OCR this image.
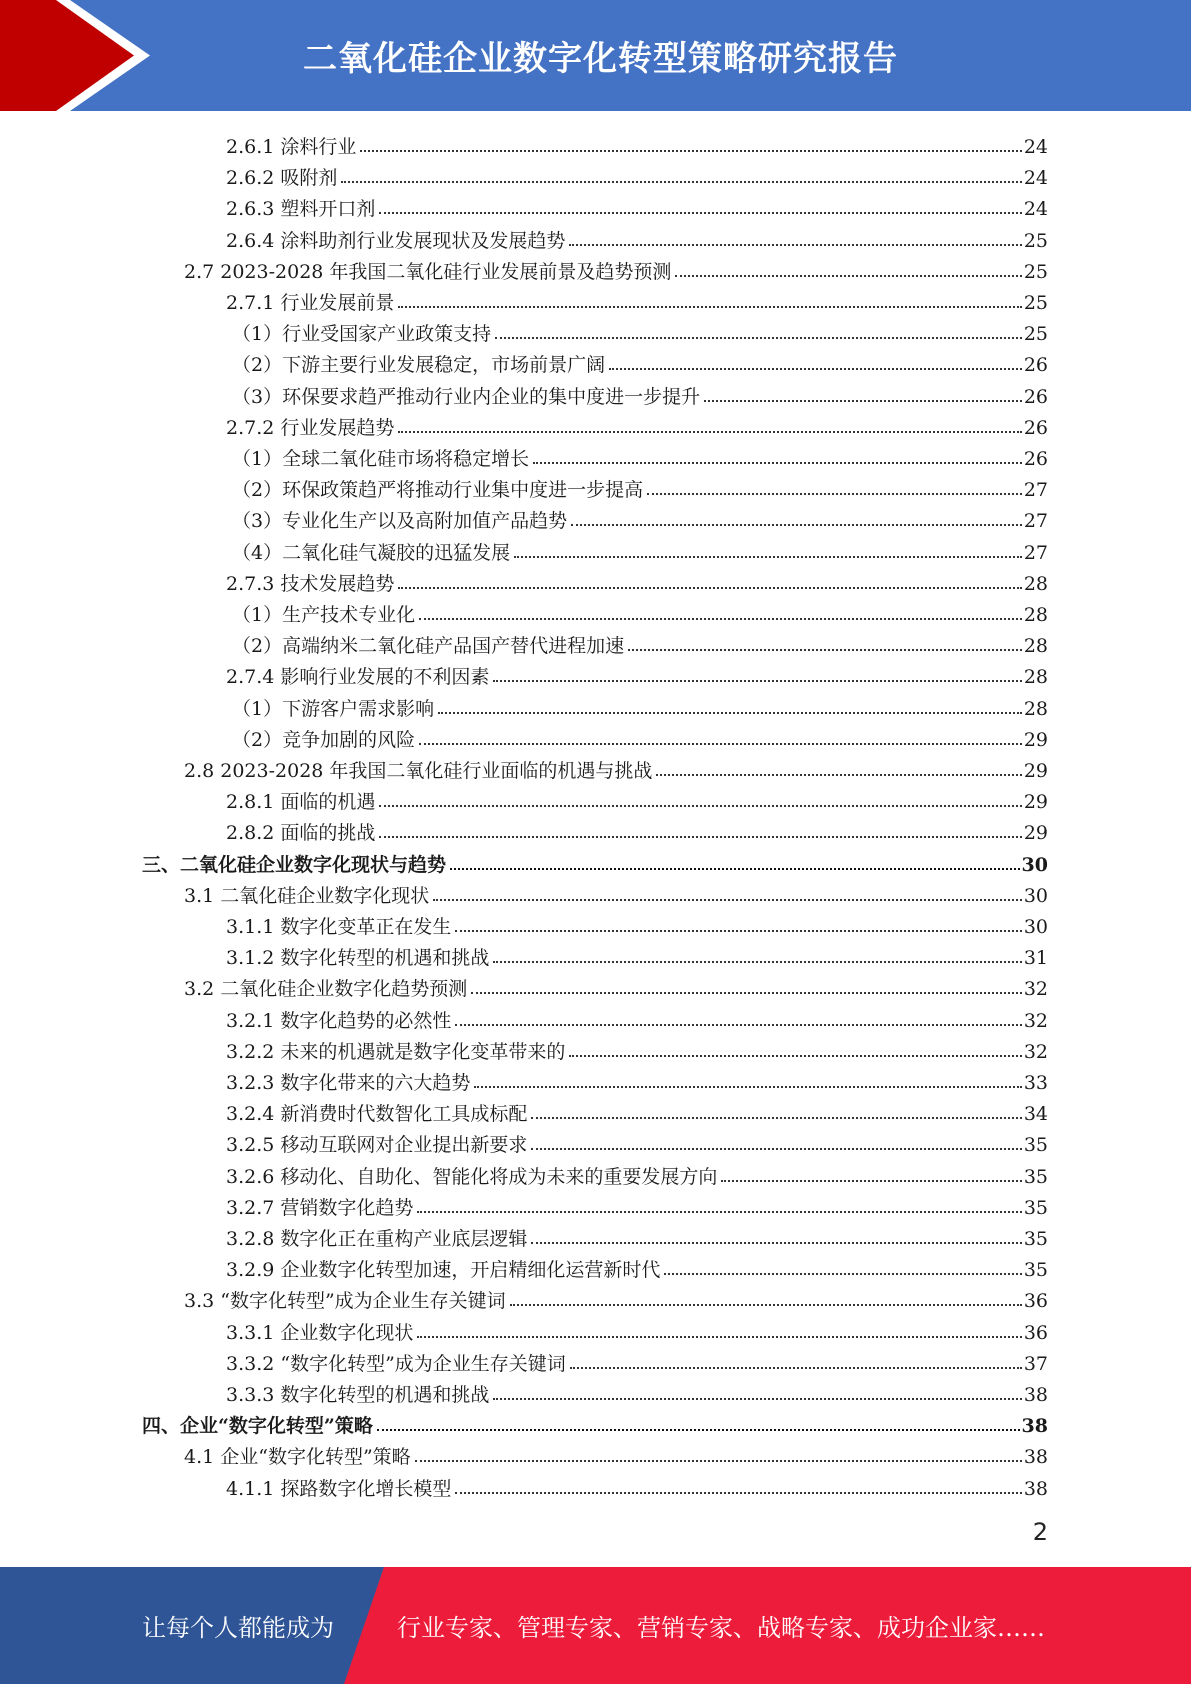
二氧化硅企业数字化转型策略研究报告
2.6.1 涂料行业	24
2.6.2 吸附剂	24
2.6.3 塑料开口剂	24
2.6.4 涂料助剂行业发展现状及发展趋势	25
2.7 2023-2028 年我国二氧化硅行业发展前景及趋势预测	25
2.7.1 行业发展前景	25
（1）行业受国家产业政策支持	25
（2）下游主要行业发展稳定，市场前景广阔	26
（3）环保要求趋严推动行业内企业的集中度进一步提升	26
2.7.2 行业发展趋势	26
（1）全球二氧化硅市场将稳定增长	26
（2）环保政策趋严将推动行业集中度进一步提高	27
（3）专业化生产以及高附加值产品趋势	27
（4）二氧化硅气凝胶的迅猛发展	27
2.7.3 技术发展趋势	28
（1）生产技术专业化	28
（2）高端纳米二氧化硅产品国产替代进程加速	28
2.7.4 影响行业发展的不利因素	28
（1）下游客户需求影响	28
（2）竞争加剧的风险	29
2.8 2023-2028 年我国二氧化硅行业面临的机遇与挑战	29
2.8.1 面临的机遇	29
2.8.2 面临的挑战	29
三、二氧化硅企业数字化现状与趋势	30
3.1 二氧化硅企业数字化现状	30
3.1.1 数字化变革正在发生	30
3.1.2 数字化转型的机遇和挑战	31
3.2 二氧化硅企业数字化趋势预测	32
3.2.1 数字化趋势的必然性	32
3.2.2 未来的机遇就是数字化变革带来的	32
3.2.3 数字化带来的六大趋势	33
3.2.4 新消费时代数智化工具成标配	34
3.2.5 移动互联网对企业提出新要求	35
3.2.6 移动化、自助化、智能化将成为未来的重要发展方向	35
3.2.7 营销数字化趋势	35
3.2.8 数字化正在重构产业底层逻辑	35
3.2.9 企业数字化转型加速，开启精细化运营新时代	35
3.3 “数字化转型”成为企业生存关键词	36
3.3.1 企业数字化现状	36
3.3.2 “数字化转型”成为企业生存关键词	37
3.3.3 数字化转型的机遇和挑战	38
四、企业“数字化转型”策略	38
4.1 企业“数字化转型”策略	38
4.1.1 探路数字化增长模型	38
2
让每个人都能成为	行业专家、管理专家、营销专家、战略专家、成功企业家……
